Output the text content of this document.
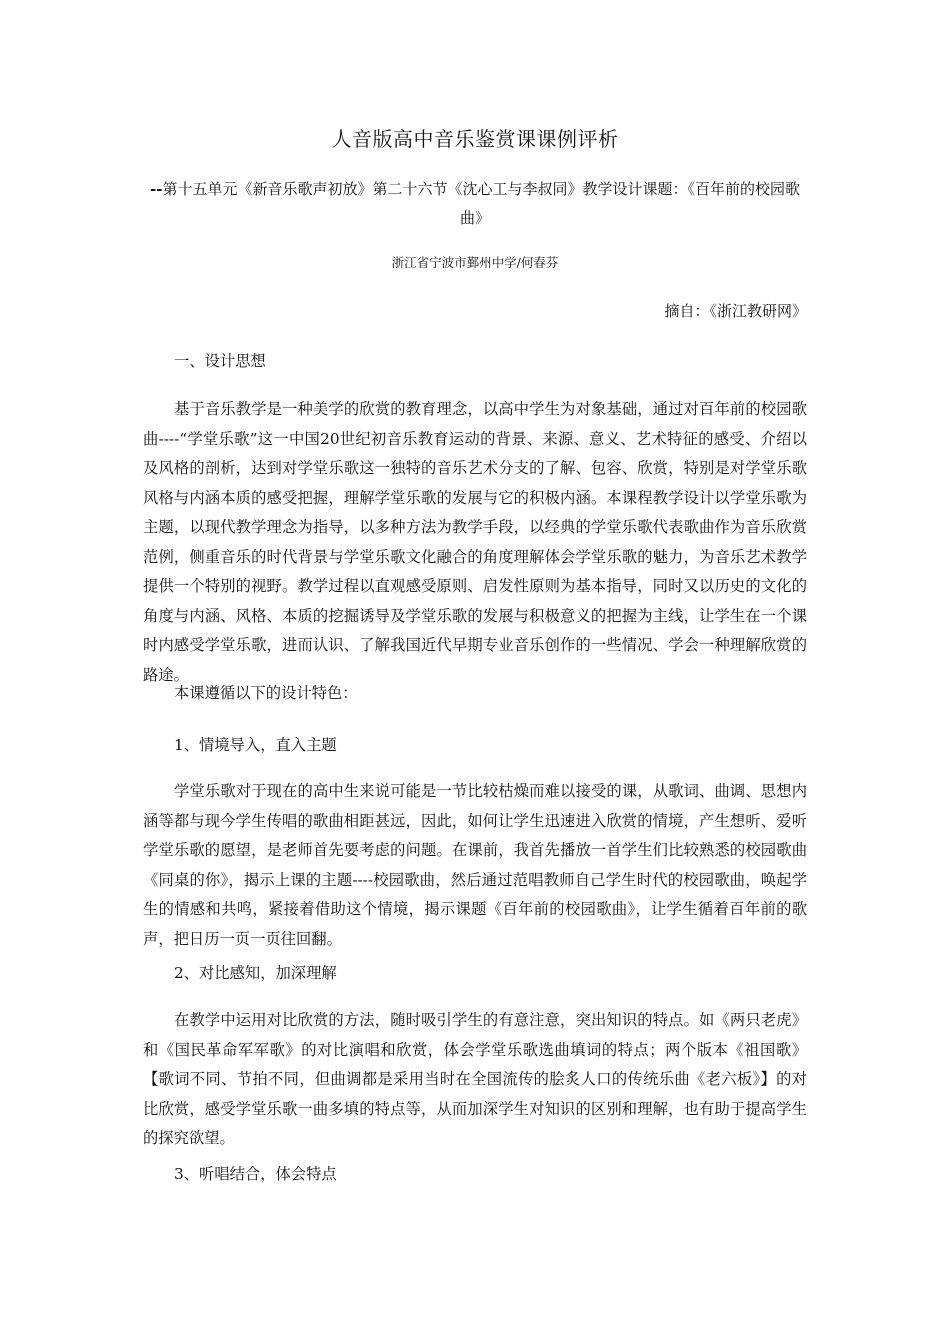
人音版高中音乐鉴赏课课例评析

--第十五单元《新音乐歌声初放》第二十六节《沈心工与李叔同》教学设计课题：《百年前的校园歌曲》

浙江省宁波市鄞州中学/何春芬
摘自：《浙江教研网》

一、设计思想

基于音乐教学是一种美学的欣赏的教育理念，以高中学生为对象基础，通过对百年前的校园歌曲----“学堂乐歌”这一中国20世纪初音乐教育运动的背景、来源、意义、艺术特征的感受、介绍以及风格的剖析，达到对学堂乐歌这一独特的音乐艺术分支的了解、包容、欣赏，特别是对学堂乐歌风格与内涵本质的感受把握，理解学堂乐歌的发展与它的积极内涵。本课程教学设计以学堂乐歌为主题，以现代教学理念为指导，以多种方法为教学手段，以经典的学堂乐歌代表歌曲作为音乐欣赏范例，侧重音乐的时代背景与学堂乐歌文化融合的角度理解体会学堂乐歌的魅力，为音乐艺术教学提供一个特别的视野。教学过程以直观感受原则、启发性原则为基本指导，同时又以历史的文化的角度与内涵、风格、本质的挖掘诱导及学堂乐歌的发展与积极意义的把握为主线，让学生在一个课时内感受学堂乐歌，进而认识、了解我国近代早期专业音乐创作的一些情况、学会一种理解欣赏的路途。

本课遵循以下的设计特色：

1、情境导入，直入主题

学堂乐歌对于现在的高中生来说可能是一节比较枯燥而难以接受的课，从歌词、曲调、思想内涵等都与现今学生传唱的歌曲相距甚远，因此，如何让学生迅速进入欣赏的情境，产生想听、爱听学堂乐歌的愿望，是老师首先要考虑的问题。在课前，我首先播放一首学生们比较熟悉的校园歌曲《同桌的你》，揭示上课的主题----校园歌曲，然后通过范唱教师自己学生时代的校园歌曲，唤起学生的情感和共鸣，紧接着借助这个情境，揭示课题《百年前的校园歌曲》，让学生循着百年前的歌声，把日历一页一页往回翻。

2、对比感知，加深理解

在教学中运用对比欣赏的方法，随时吸引学生的有意注意，突出知识的特点。如《两只老虎》和《国民革命军军歌》的对比演唱和欣赏，体会学堂乐歌选曲填词的特点；两个版本《祖国歌》【歌词不同、节拍不同，但曲调都是采用当时在全国流传的脍炙人口的传统乐曲《老六板》】的对比欣赏，感受学堂乐歌一曲多填的特点等，从而加深学生对知识的区别和理解，也有助于提高学生的探究欲望。

3、听唱结合，体会特点
